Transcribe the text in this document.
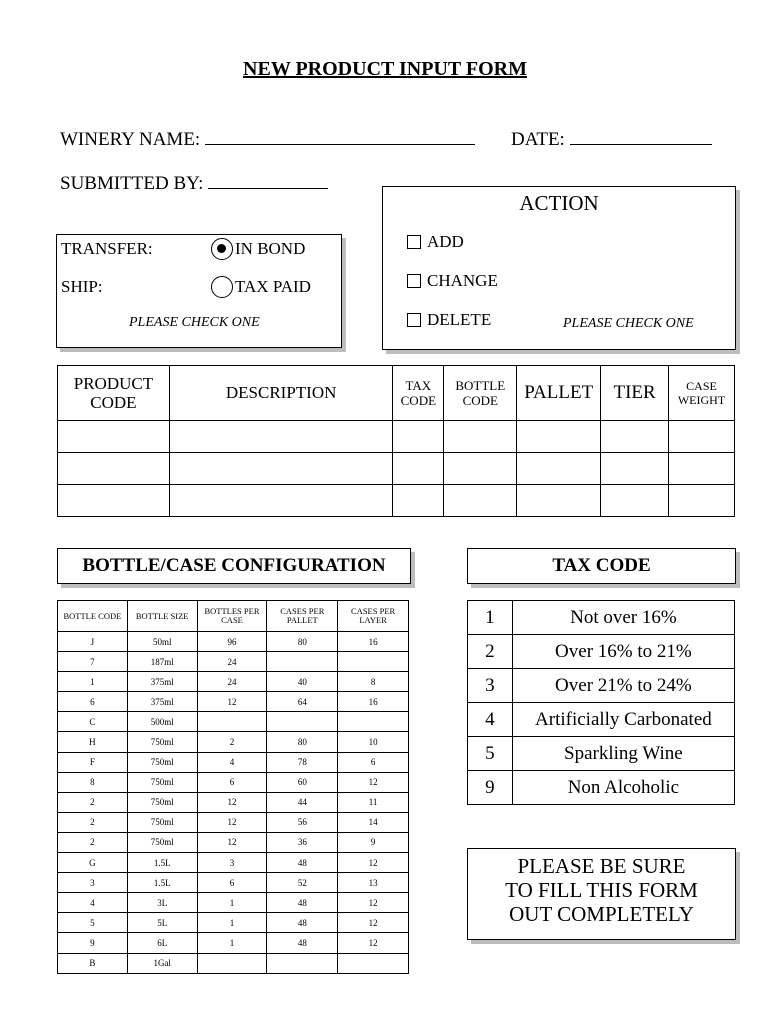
NEW PRODUCT INPUT FORM
WINERY NAME:	DATE:
SUBMITTED BY:
TRANSFER:
SHIP:
IN BOND
TAX PAID
PLEASE CHECK ONE
ACTION
ADD
CHANGE
DELETE	PLEASE CHECK ONE
PRODUCT CODE	DESCRIPTION	TAX CODE	BOTTLE CODE	PALLET	TIER	CASE WEIGHT

BOTTLE/CASE CONFIGURATION
BOTTLE CODE	BOTTLE SIZE	BOTTLES PER CASE	CASES PER PALLET	CASES PER LAYER
J	50ml	96	80	16
7	187ml	24		
1	375ml	24	40	8
6	375ml	12	64	16
C	500ml			
H	750ml	2	80	10
F	750ml	4	78	6
8	750ml	6	60	12
2	750ml	12	44	11
2	750ml	12	56	14
2	750ml	12	36	9
G	1.5L	3	48	12
3	1.5L	6	52	13
4	3L	1	48	12
5	5L	1	48	12
9	6L	1	48	12
B	1Gal			
TAX CODE
1	Not over 16%
2	Over 16% to 21%
3	Over 21% to 24%
4	Artificially Carbonated
5	Sparkling Wine
9	Non Alcoholic
PLEASE BE SURE
TO FILL THIS FORM
OUT COMPLETELY
